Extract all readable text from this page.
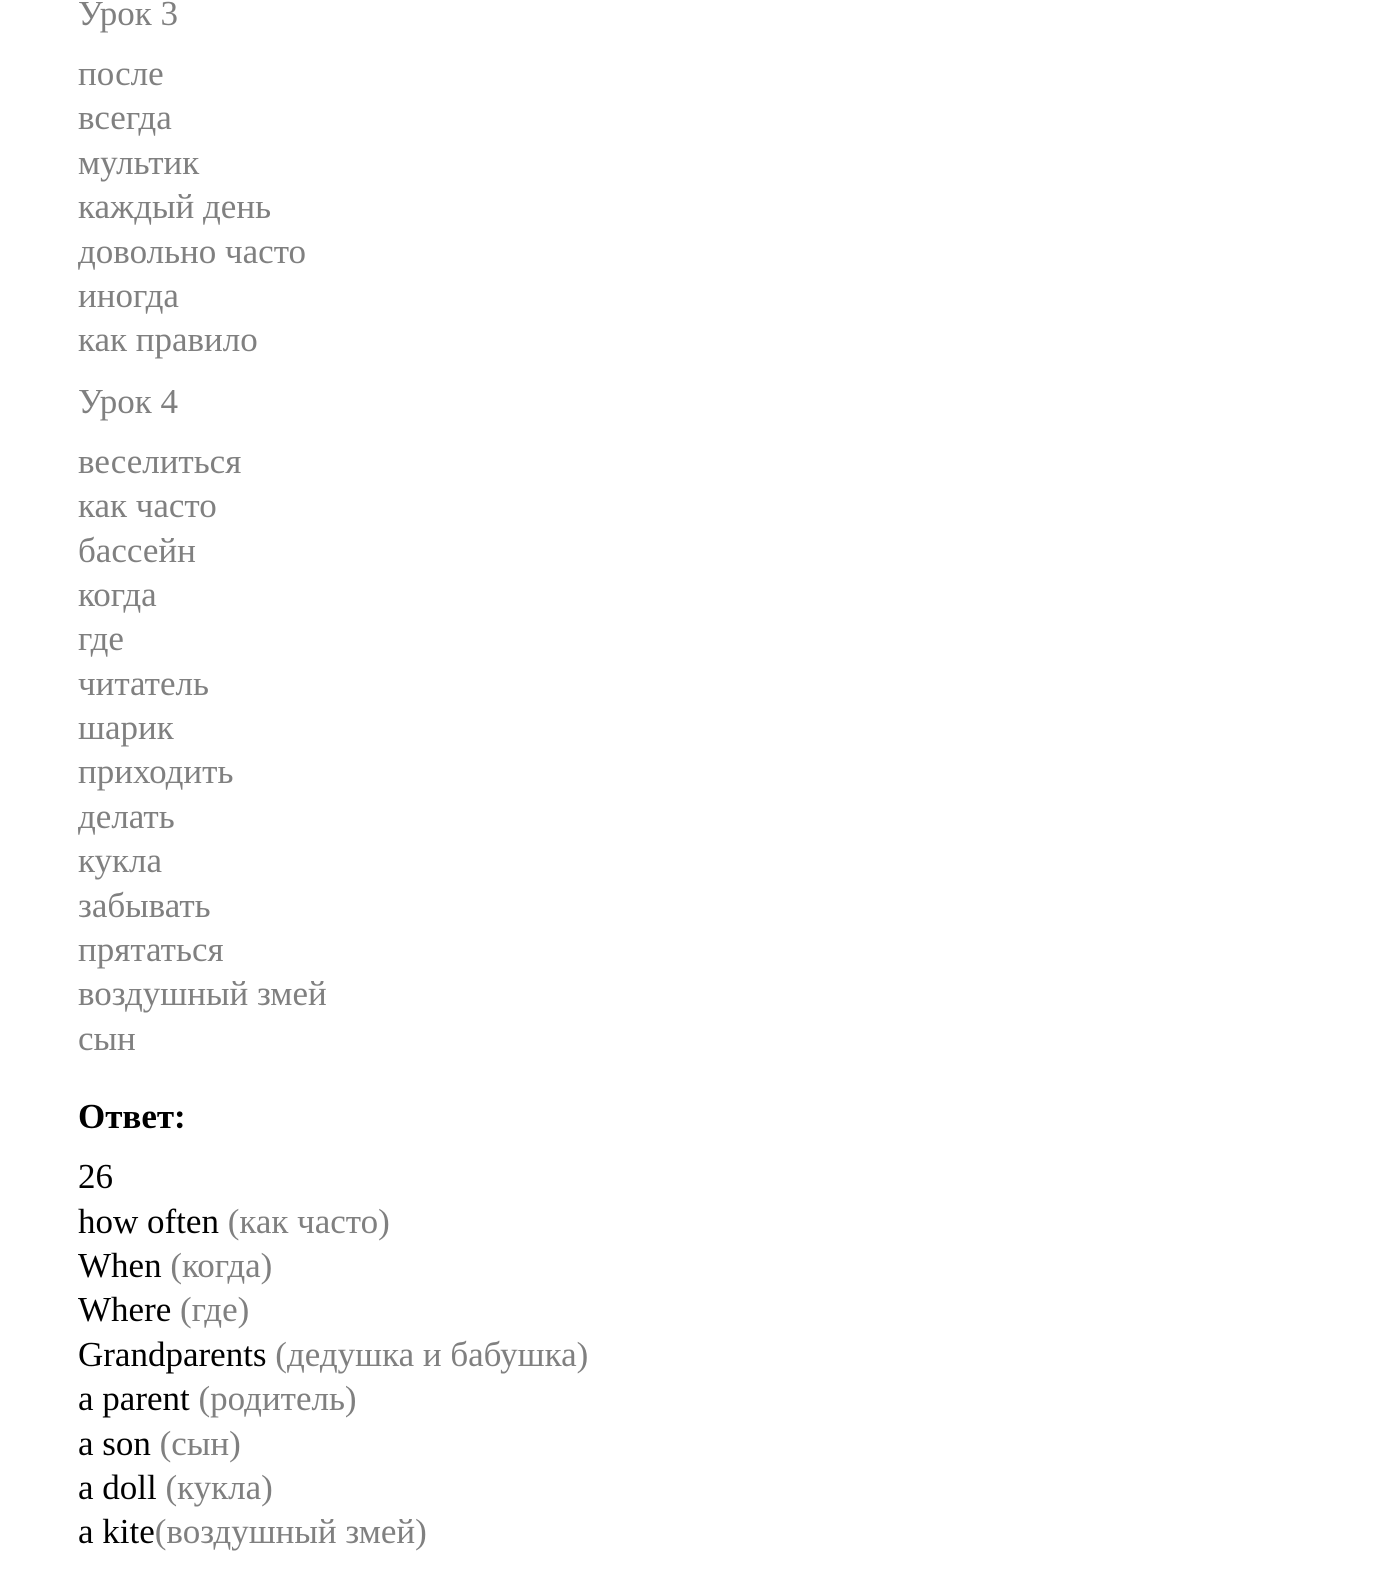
Урок 3
после
всегда
мультик
каждый день
довольно часто
иногда
как правило
Урок 4
веселиться
как часто
бассейн
когда
где
читатель
шарик
приходить
делать
кукла
забывать
прятаться
воздушный змей
сын
Ответ:
26
how often (как часто)
When (когда)
Where (где)
Grandparents (дедушка и бабушка)
a parent (родитель)
a son (сын)
a doll (кукла)
a kite(воздушный змей)
